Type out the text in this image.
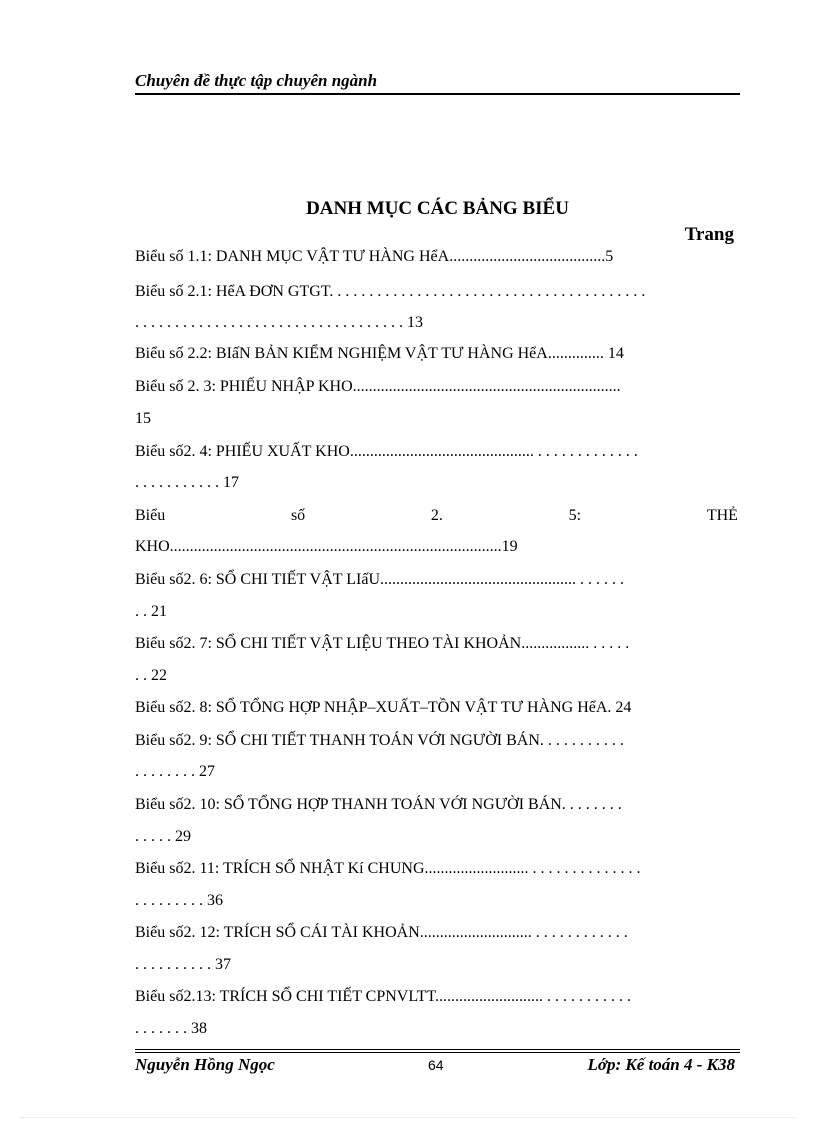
Chuyên đề thực tập chuyên ngành
DANH MỤC CÁC BẢNG BIỂU
Trang
Biểu số 1.1: DANH MỤC VẬT TƯ HÀNG HểA.......................................5
Biểu số 2.1: HểA ĐƠN GTGT. . . . . . . . . . . . . . . . . . . . . . . . . . . . . . . . . . . . . . . .
. . . . . . . . . . . . . . . . . . . . . . . . . . . . . . . . . . 13
Biểu số 2.2: BIấN BẢN KIỂM NGHIỆM VẬT TƯ HÀNG HểA.............. 14
Biểu số 2. 3: PHIẾU NHẬP KHO...................................................................
15
Biểu số2. 4: PHIẾU XUẤT KHO.............................................. . . . . . . . . . . . . .
. . . . . . . . . . . 17
Biểu	số	2.	5:	THẺ
KHO...................................................................................19
Biểu số2. 6: SỔ CHI TIẾT VẬT LIấU................................................. . . . . . .
. . 21
Biểu số2. 7: SỔ CHI TIẾT VẬT LIỆU THEO TÀI KHOẢN................. . . . . .
. . 22
Biểu số2. 8: SỔ TỔNG HỢP NHẬP–XUẤT–TỒN VẬT TƯ HÀNG HểA. 24
Biểu số2. 9: SỔ CHI TIẾT THANH TOÁN VỚI NGƯỜI BÁN. . . . . . . . . . .
. . . . . . . . 27
Biểu số2. 10: SỔ TỔNG HỢP THANH TOÁN VỚI NGƯỜI BÁN. . . . . . . .
. . . . . 29
Biểu số2. 11: TRÍCH SỔ NHẬT Kí CHUNG.......................... . . . . . . . . . . . . . .
. . . . . . . . . 36
Biểu số2. 12: TRÍCH SỔ CÁI TÀI KHOẢN............................ . . . . . . . . . . . .
. . . . . . . . . . 37
Biểu số2.13: TRÍCH SỔ CHI TIẾT CPNVLTT........................... . . . . . . . . . . .
. . . . . . . 38
Nguyễn Hồng Ngọc	64	Lớp: Kế toán 4 - K38
